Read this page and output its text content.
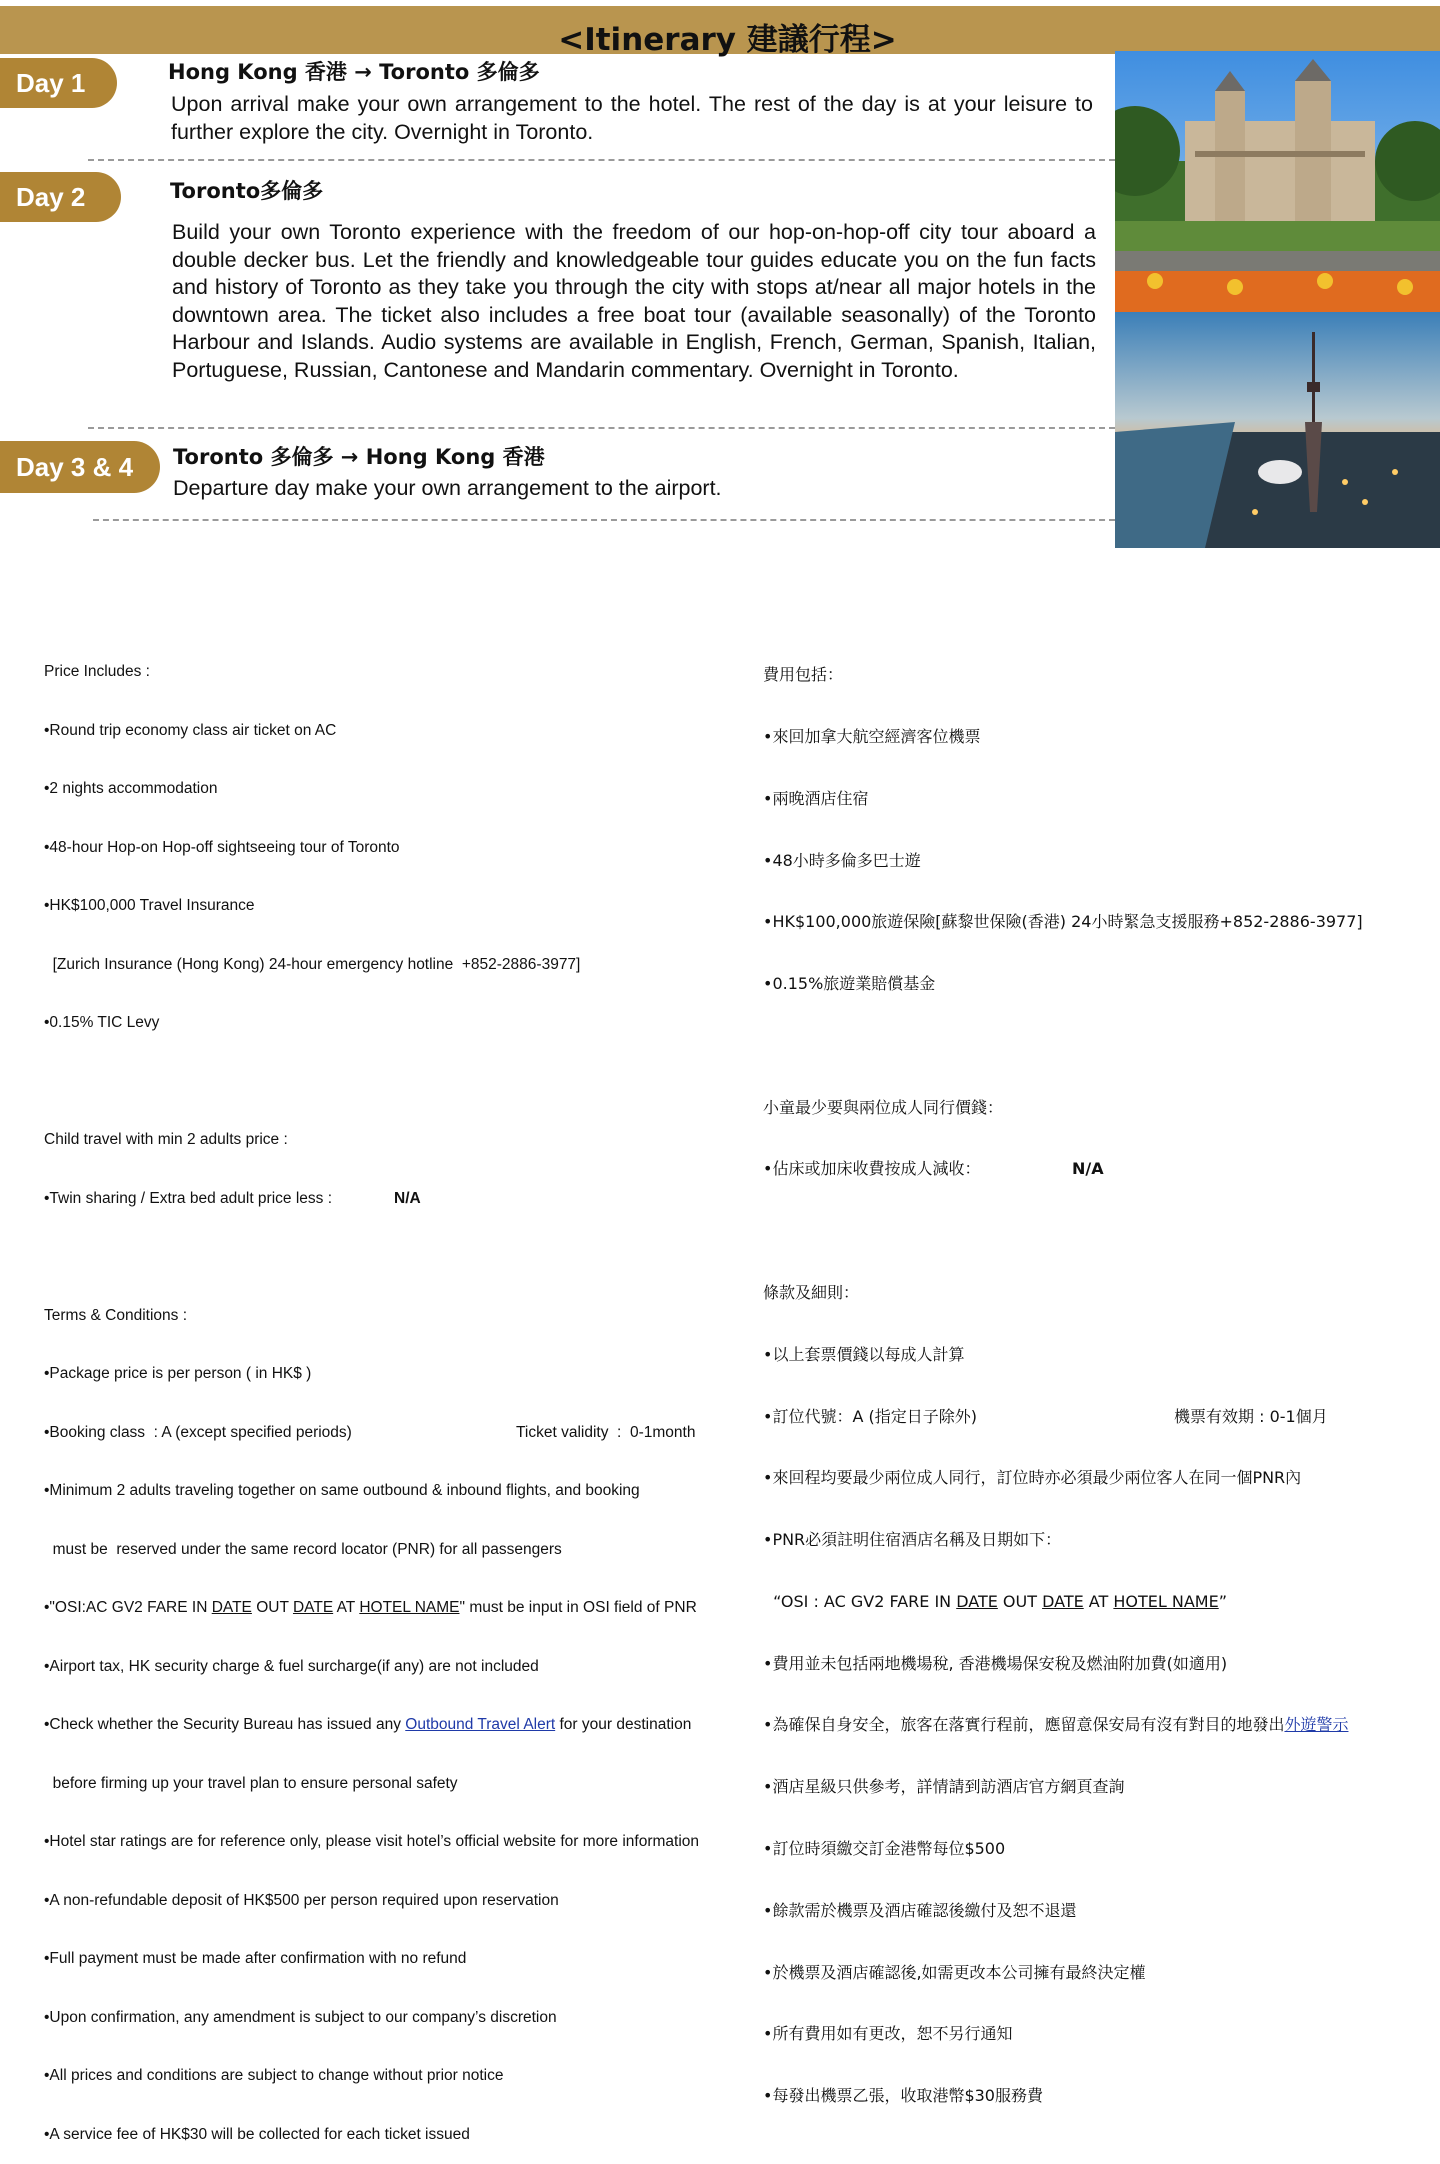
<Itinerary 建議行程>
Day 1	Hong Kong 香港 → Toronto 多倫多
Upon arrival make your own arrangement to the hotel. The rest of the day is at your leisure to further explore the city. Overnight in Toronto.
Day 2	Toronto多倫多
Build your own Toronto experience with the freedom of our hop-on-hop-off city tour aboard a double decker bus. Let the friendly and knowledgeable tour guides educate you on the fun facts and history of Toronto as they take you through the city with stops at/near all major hotels in the downtown area. The ticket also includes a free boat tour (available seasonally) of the Toronto Harbour and Islands. Audio systems are available in English, French, German, Spanish, Italian, Portuguese, Russian, Cantonese and Mandarin commentary. Overnight in Toronto.
Day 3 & 4	Toronto 多倫多 → Hong Kong 香港
Departure day make your own arrangement to the airport.

Price Includes :

•Round trip economy class air ticket on AC

•2 nights accommodation

•48-hour Hop-on Hop-off sightseeing tour of Toronto

•HK$100,000 Travel Insurance

[Zurich Insurance (Hong Kong) 24-hour emergency hotline  +852-2886-3977]

•0.15% TIC Levy

Child travel with min 2 adults price :

•Twin sharing / Extra bed adult price less :	N/A

Terms & Conditions :

•Package price is per person ( in HK$ )

•Booking class  : A (except specified periods)	Ticket validity  :  0-1month

•Minimum 2 adults traveling together on same outbound & inbound flights, and booking

must be  reserved under the same record locator (PNR) for all passengers

•"OSI:AC GV2 FARE IN DATE OUT DATE AT HOTEL NAME" must be input in OSI field of PNR

•Airport tax, HK security charge & fuel surcharge(if any) are not included

•Check whether the Security Bureau has issued any Outbound Travel Alert for your destination

before firming up your travel plan to ensure personal safety

•Hotel star ratings are for reference only, please visit hotel’s official website for more information

•A non-refundable deposit of HK$500 per person required upon reservation

•Full payment must be made after confirmation with no refund

•Upon confirmation, any amendment is subject to our company’s discretion

•All prices and conditions are subject to change without prior notice

•A service fee of HK$30 will be collected for each ticket issued

費用包括：

•來回加拿大航空經濟客位機票

•兩晚酒店住宿

•48小時多倫多巴士遊

•HK$100,000旅遊保險[蘇黎世保險(香港) 24小時緊急支援服務+852-2886-3977]

•0.15%旅遊業賠償基金

小童最少要與兩位成人同行價錢：

•佔床或加床收費按成人減收：	N/A

條款及細則：

•以上套票價錢以每成人計算

•訂位代號：A (指定日子除外)	機票有效期 : 0-1個月

•來回程均要最少兩位成人同行，訂位時亦必須最少兩位客人在同一個PNR內

•PNR必須註明住宿酒店名稱及日期如下：

“OSI : AC GV2 FARE IN DATE OUT DATE AT HOTEL NAME”

•費用並未包括兩地機場稅, 香港機場保安稅及燃油附加費(如適用)

•為確保自身安全，旅客在落實行程前，應留意保安局有沒有對目的地發出外遊警示

•酒店星級只供參考，詳情請到訪酒店官方網頁查詢

•訂位時須繳交訂金港幣每位$500

•餘款需於機票及酒店確認後繳付及恕不退還

•於機票及酒店確認後,如需更改本公司擁有最終決定權

•所有費用如有更改，恕不另行通知

•每發出機票乙張，收取港幣$30服務費
